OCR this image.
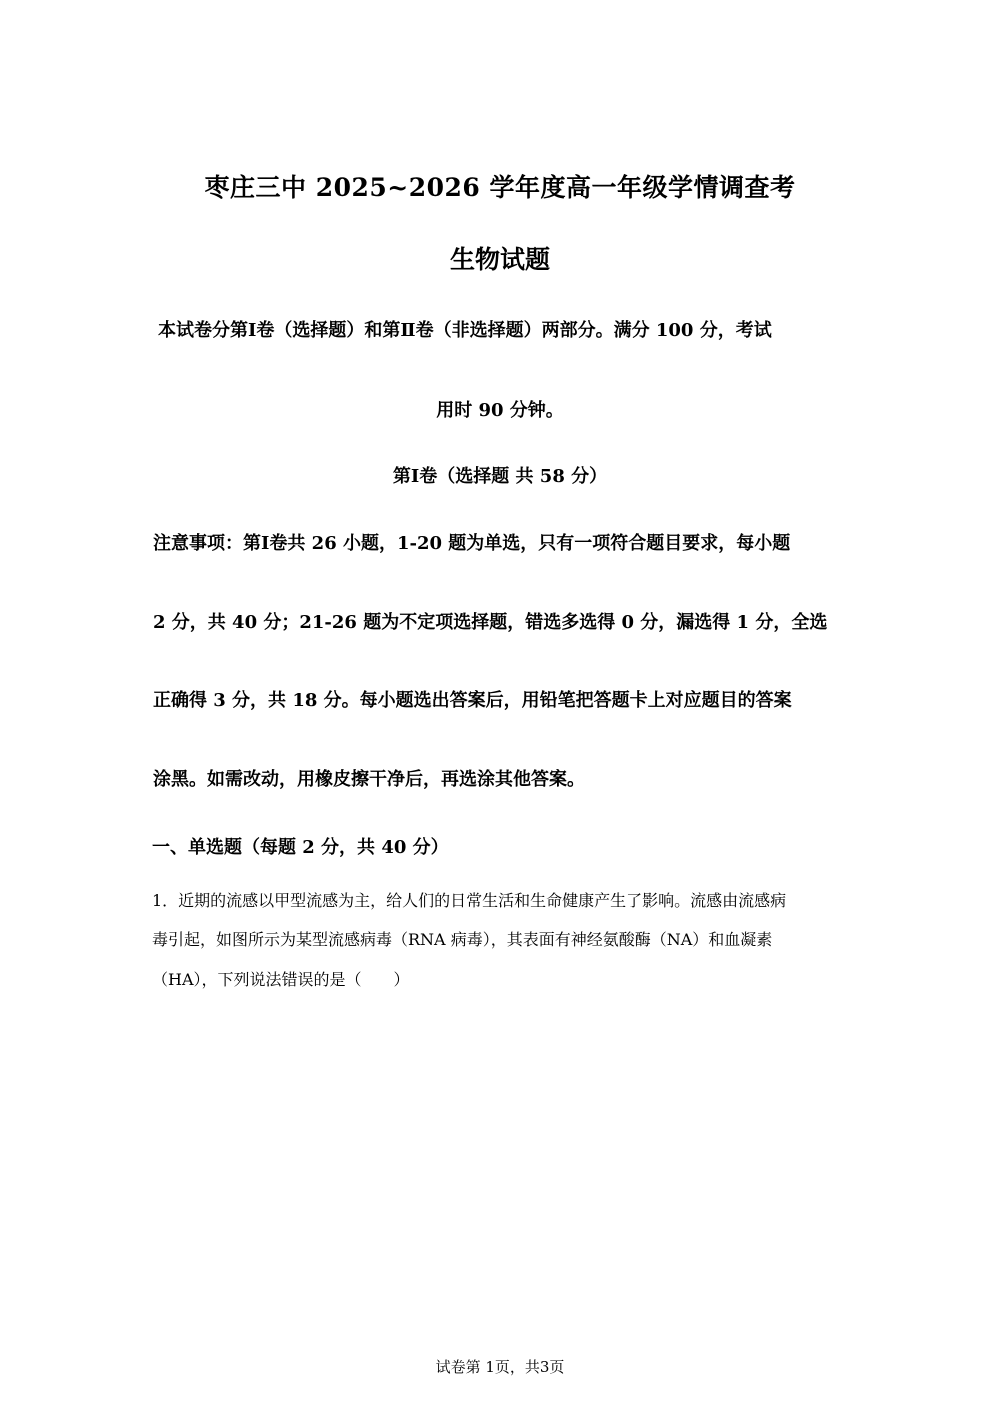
枣庄三中 2025~2026 学年度高一年级学情调查考
生物试题
本试卷分第Ⅰ卷（选择题）和第Ⅱ卷（非选择题）两部分。满分 100 分，考试
用时 90 分钟。
第Ⅰ卷（选择题 共 58 分）
注意事项：第Ⅰ卷共 26 小题，1-20 题为单选，只有一项符合题目要求，每小题
2 分，共 40 分；21-26 题为不定项选择题，错选多选得 0 分，漏选得 1 分，全选
正确得 3 分，共 18 分。每小题选出答案后，用铅笔把答题卡上对应题目的答案
涂黑。如需改动，用橡皮擦干净后，再选涂其他答案。
一、单选题（每题 2 分，共 40 分）
1．近期的流感以甲型流感为主，给人们的日常生活和生命健康产生了影响。流感由流感病
毒引起，如图所示为某型流感病毒（RNA 病毒），其表面有神经氨酸酶（NA）和血凝素
（HA），下列说法错误的是（　　）
试卷第 1页，共3页
